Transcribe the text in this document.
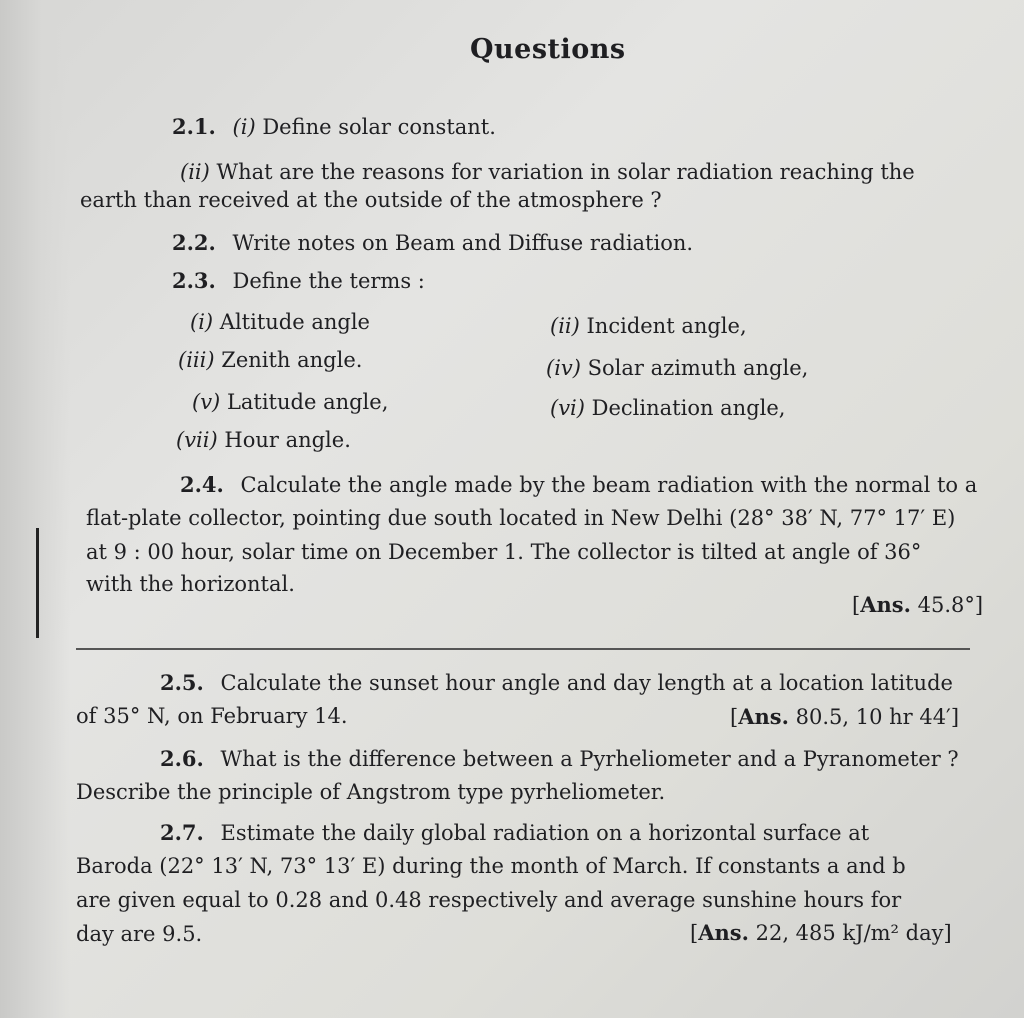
Questions
2.1. (i) Define solar constant.
(ii) What are the reasons for variation in solar radiation reaching the
earth than received at the outside of the atmosphere ?
2.2. Write notes on Beam and Diffuse radiation.
2.3. Define the terms :
(i) Altitude angle	(ii) Incident angle,
(iii) Zenith angle.	(iv) Solar azimuth angle,
(v) Latitude angle,	(vi) Declination angle,
(vii) Hour angle.
2.4. Calculate the angle made by the beam radiation with the normal to a
flat-plate collector, pointing due south located in New Delhi (28° 38′ N, 77° 17′ E)
at 9 : 00 hour, solar time on December 1. The collector is tilted at angle of 36°
with the horizontal.
[Ans. 45.8°]
2.5. Calculate the sunset hour angle and day length at a location latitude
of 35° N, on February 14.	[Ans. 80.5, 10 hr 44′]
2.6. What is the difference between a Pyrheliometer and a Pyranometer ?
Describe the principle of Angstrom type pyrheliometer.
2.7. Estimate the daily global radiation on a horizontal surface at
Baroda (22° 13′ N, 73° 13′ E) during the month of March. If constants a and b
are given equal to 0.28 and 0.48 respectively and average sunshine hours for
day are 9.5.	[Ans. 22, 485 kJ/m² day]
